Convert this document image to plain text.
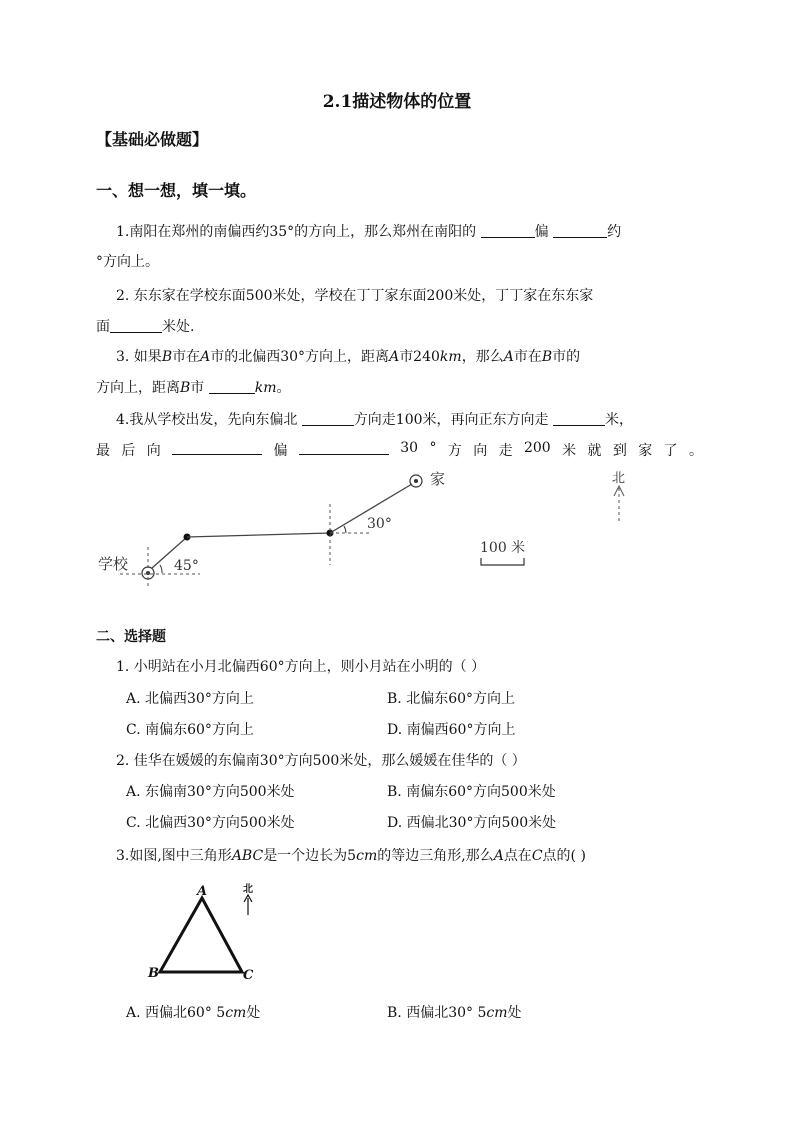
2.1描述物体的位置
【基础必做题】
一、想一想，填一填。
1.南阳在郑州的南偏西约35°的方向上，那么郑州在南阳的	偏	约
°方向上。
2. 东东家在学校东面500米处，学校在丁丁家东面200米处，丁丁家在东东家
面	米处.
3. 如果B市在A市的北偏西30°方向上，距离A市240km，那么A市在B市的
方向上，距离B市	km。
4.我从学校出发，先向东偏北	方向走100米，再向正东方向走	米，
最 后 向	偏	30 ° 方 向 走 200 米 就 到 家 了 。
家
学校	45°
30°
北
100 米
二、选择题
1. 小明站在小月北偏西60°方向上，则小月站在小明的（ ）
A. 北偏西30°方向上	B. 北偏东60°方向上
C. 南偏东60°方向上	D. 南偏西60°方向上
2. 佳华在媛媛的东偏南30°方向500米处，那么媛媛在佳华的（ ）
A. 东偏南30°方向500米处	B. 南偏东60°方向500米处
C. 北偏西30°方向500米处	D. 西偏北30°方向500米处
3.如图,图中三角形ABC是一个边长为5cm的等边三角形,那么A点在C点的( )
A
B	C
北
A. 西偏北60° 5cm处	B. 西偏北30° 5cm处
